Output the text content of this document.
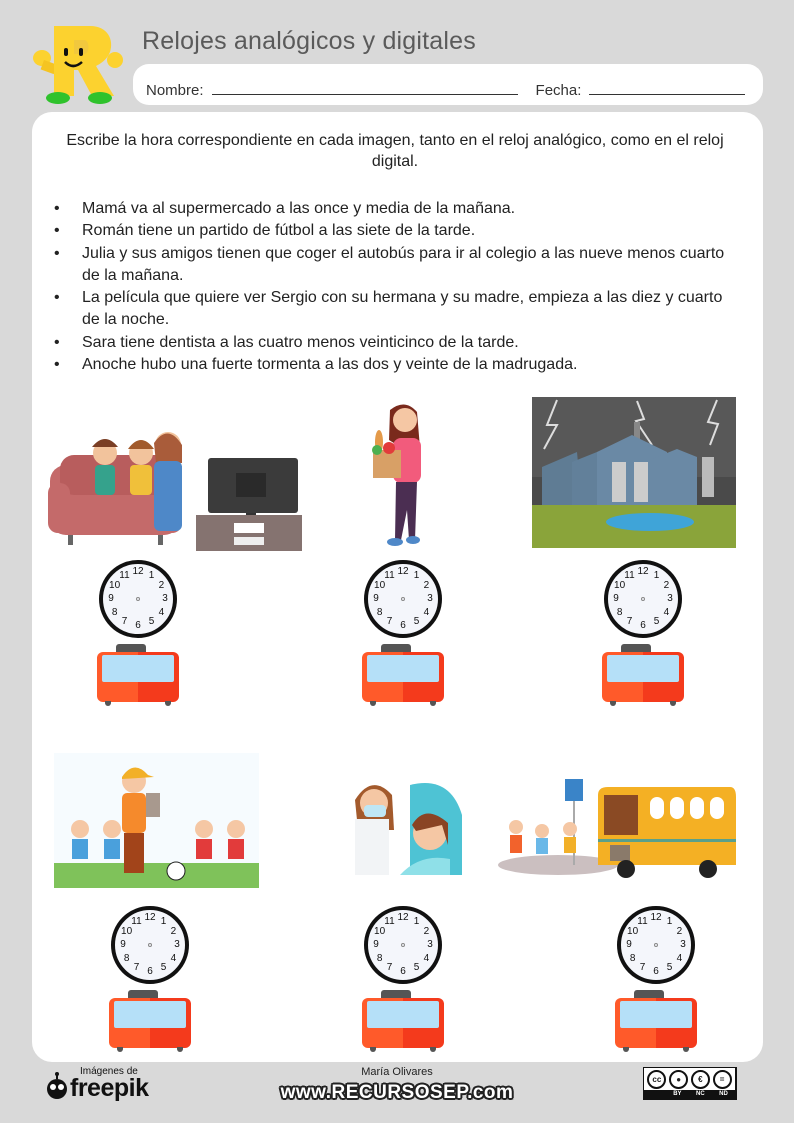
Relojes analógicos y digitales
Nombre:	Fecha:
Escribe la hora correspondiente en cada imagen, tanto en el reloj analógico, como en el reloj digital.
• Mamá va al supermercado a las once y media de la mañana.
• Román tiene un partido de fútbol a las siete de la tarde.
• Julia y sus amigos tienen que coger el autobús para ir al colegio a las nueve menos cuarto de la mañana.
• La película que quiere ver Sergio con su hermana y su madre, empieza a las diez y cuarto de la noche.
• Sara tiene dentista a las cuatro menos veinticinco de la tarde.
• Anoche hubo una fuerte tormenta a las dos y veinte de la madrugada.
12 1
2
3
4
5
6
7
8
9
10
11	12 1
2
3
4
5
6
7
8
9
10
11	12 1
2
3
4
5
6
7
8
9
10
11
12 1
2
3
4
5
6
7
8
9
10
11	12 1
2
3
4
5
6
7
8
9
10
11	12 1
2
3
4
5
6
7
8
9
10
11
Imágenes de
freepik
María Olivares
www.RECURSOSEP.com
cc	●	€	=
BY NC ND
